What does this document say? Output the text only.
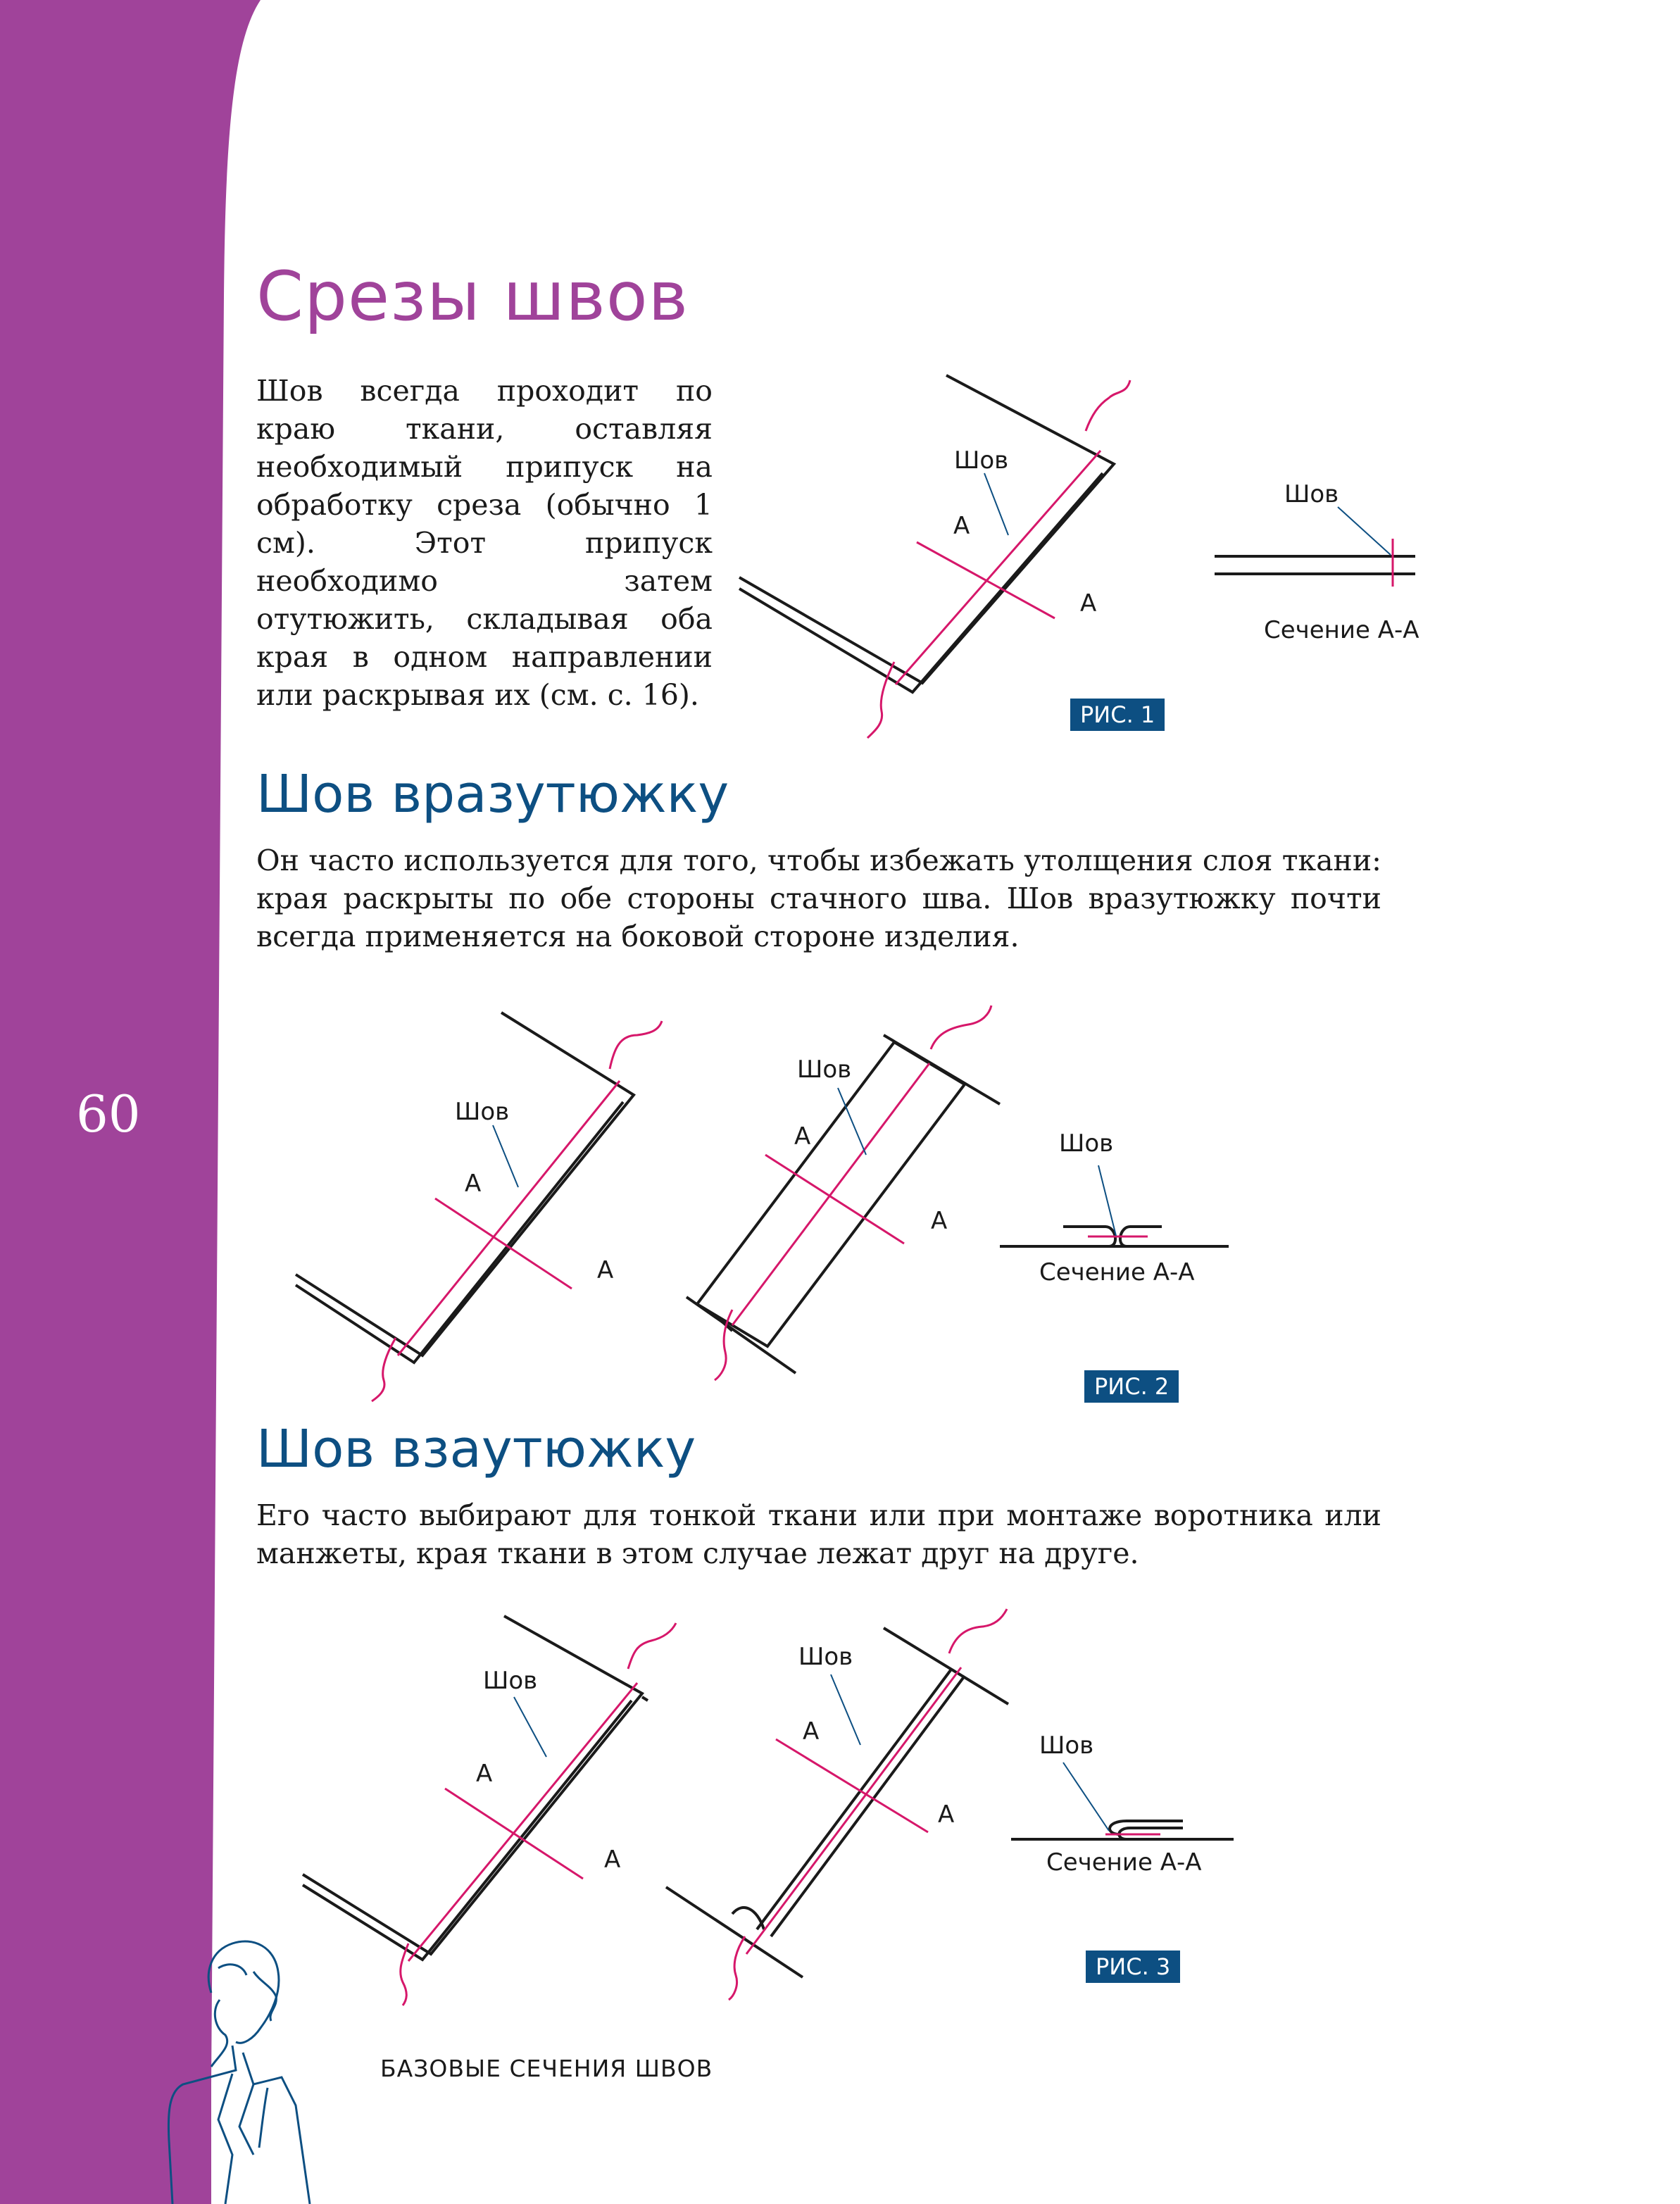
60
Срезы швов

Шов всегда проходит по краю ткани, оставляя необходимый припуск на обработку среза (обычно 1 см). Этот припуск необходимо затем отутюжить, складывая оба края в одном направлении или раскрывая их (см. с. 16).

Шов вразутюжку

Он часто используется для того, чтобы избежать утолщения слоя ткани: края раскрыты по обе стороны стачного шва. Шов вразутюжку почти всегда применяется на боковой стороне изделия.

Шов взаутюжку

Его часто выбирают для тонкой ткани или при монтаже воротника или манжеты, края ткани в этом случае лежат друг на друге.

Шов
А
А
Шов
Сечение А-А
Шов
А
А
Шов
А
А
Шов
Сечение А-А
Шов
А
А
Шов
А
А
Шов
Сечение А-А
РИС. 1
РИС. 2
РИС. 3
БАЗОВЫЕ СЕЧЕНИЯ ШВОВ
